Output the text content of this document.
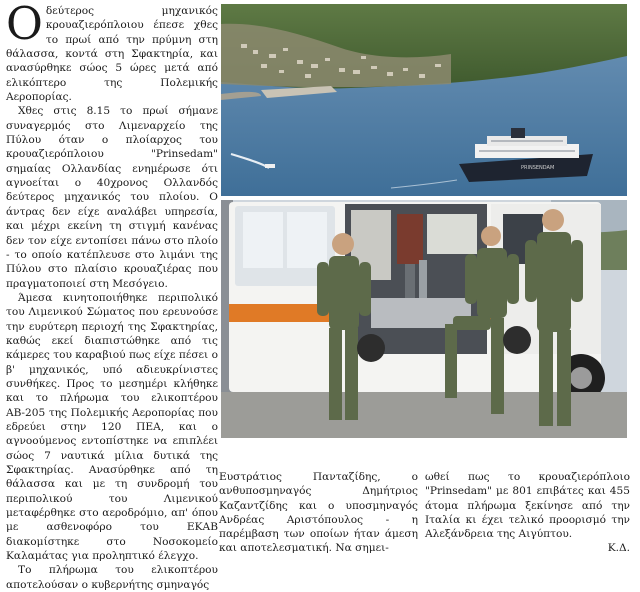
Οδεύτερος μηχανικός κρουαζιερόπλοιου έπεσε χθες το πρωί από την πρύμνη στη θάλασσα, κοντά στη Σφακτηρία, και ανασύρθηκε σώος 5 ώρες μετά από ελικόπτερο της Πολεμικής Αεροπορίας.

Χθες στις 8.15 το πρωί σήμανε συναγερμός στο Λιμεναρχείο της Πύλου όταν ο πλοίαρχος του κρουαζιερόπλοιου "Prinsedam" σημαίας Ολλανδίας ενημέρωσε ότι αγνοείται ο 40χρονος Ολλανδός δεύτερος μηχανικός του πλοίου. Ο άντρας δεν είχε αναλάβει υπηρεσία, και μέχρι εκείνη τη στιγμή κανένας δεν τον είχε εντοπίσει πάνω στο πλοίο - το οποίο κατέπλευσε στο λιμάνι της Πύλου στο πλαίσιο κρουαζιέρας που πραγματοποιεί στη Μεσόγειο.

Άμεσα κινητοποιήθηκε περιπολικό του Λιμενικού Σώματος που ερευνούσε την ευρύτερη περιοχή της Σφακτηρίας, καθώς εκεί διαπιστώθηκε από τις κάμερες του καραβιού πως είχε πέσει ο β' μηχανικός, υπό αδιευκρίνιστες συνθήκες. Προς το μεσημέρι κλήθηκε και το πλήρωμα του ελικοπτέρου ΑΒ-205 της Πολεμικής Αεροπορίας που εδρεύει στην 120 ΠΕΑ, και ο αγνοούμενος εντοπίστηκε να επιπλέει σώος 7 ναυτικά μίλια δυτικά της Σφακτηρίας. Ανασύρθηκε από τη θάλασσα και με τη συνδρομή του περιπολικού του Λιμενικού μεταφέρθηκε στο αεροδρόμιο, απ' όπου με ασθενοφόρο του ΕΚΑΒ διακομίστηκε στο Νοσοκομείο Καλαμάτας για προληπτικό έλεγχο.

Το πλήρωμα του ελικοπτέρου αποτελούσαν ο κυβερνήτης σμηναγός

PRINSENDAM

Ευστράτιος Πανταζίδης, ο ανθυποσμηναγός Δημήτριος Καζαντζίδης και ο υποσμηναγός Ανδρέας Αριστόπουλος - η παρέμβαση των οποίων ήταν άμεση και αποτελεσματική. Να σημει-

ωθεί πως το κρουαζιερόπλοιο "Prinsedam" με 801 επιβάτες και 455 άτομα πλήρωμα ξεκίνησε από την Ιταλία κι έχει τελικό προορισμό την Αλεξάνδρεια της Αιγύπτου.

Κ.Δ.
